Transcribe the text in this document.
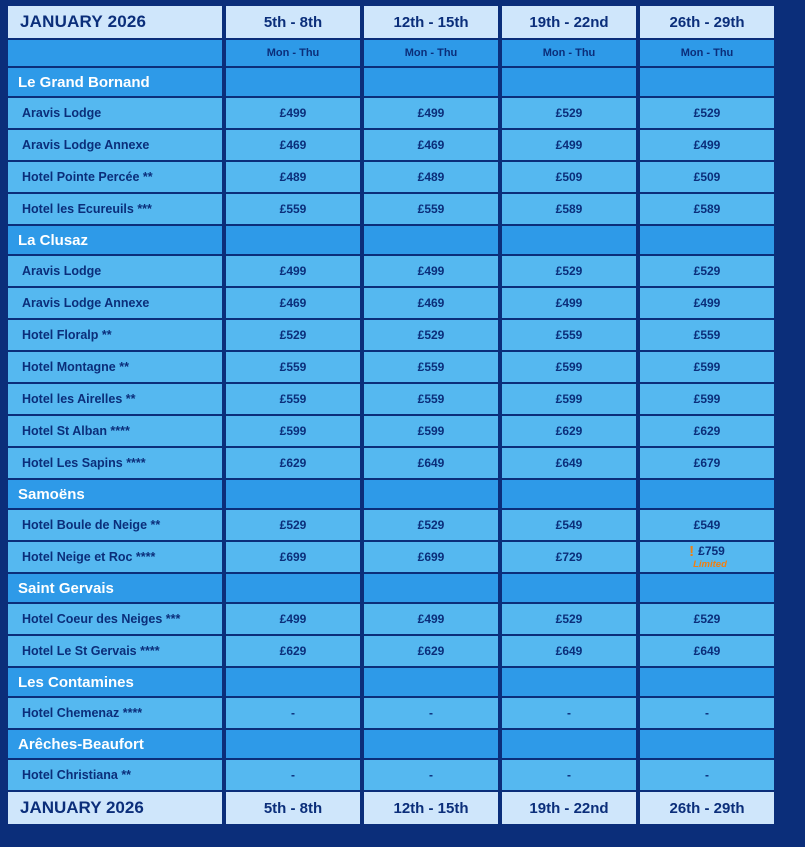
JANUARY 2026	5th - 8th	12th - 15th	19th - 22nd	26th - 29th	
	Mon - Thu	Mon - Thu	Mon - Thu	Mon - Thu	
Le Grand Bornand					
Aravis Lodge	£499	£499	£529	£529	
Aravis Lodge Annexe	£469	£469	£499	£499	
Hotel Pointe Percée **	£489	£489	£509	£509	
Hotel les Ecureuils ***	£559	£559	£589	£589	
La Clusaz					
Aravis Lodge	£499	£499	£529	£529	
Aravis Lodge Annexe	£469	£469	£499	£499	
Hotel Floralp **	£529	£529	£559	£559	
Hotel Montagne **	£559	£559	£599	£599	
Hotel les Airelles **	£559	£559	£599	£599	
Hotel St Alban ****	£599	£599	£629	£629	
Hotel Les Sapins ****	£629	£649	£649	£679	
Samoëns					
Hotel Boule de Neige **	£529	£529	£549	£549	
Hotel Neige et Roc ****	£699	£699	£729	! £759
Limited	

Saint Gervais					
Hotel Coeur des Neiges ***	£499	£499	£529	£529	
Hotel Le St Gervais ****	£629	£629	£649	£649	
Les Contamines					
Hotel Chemenaz ****	-	-	-	-	
Arêches-Beaufort					
Hotel Christiana **	-	-	-	-	
JANUARY 2026	5th - 8th	12th - 15th	19th - 22nd	26th - 29th	
